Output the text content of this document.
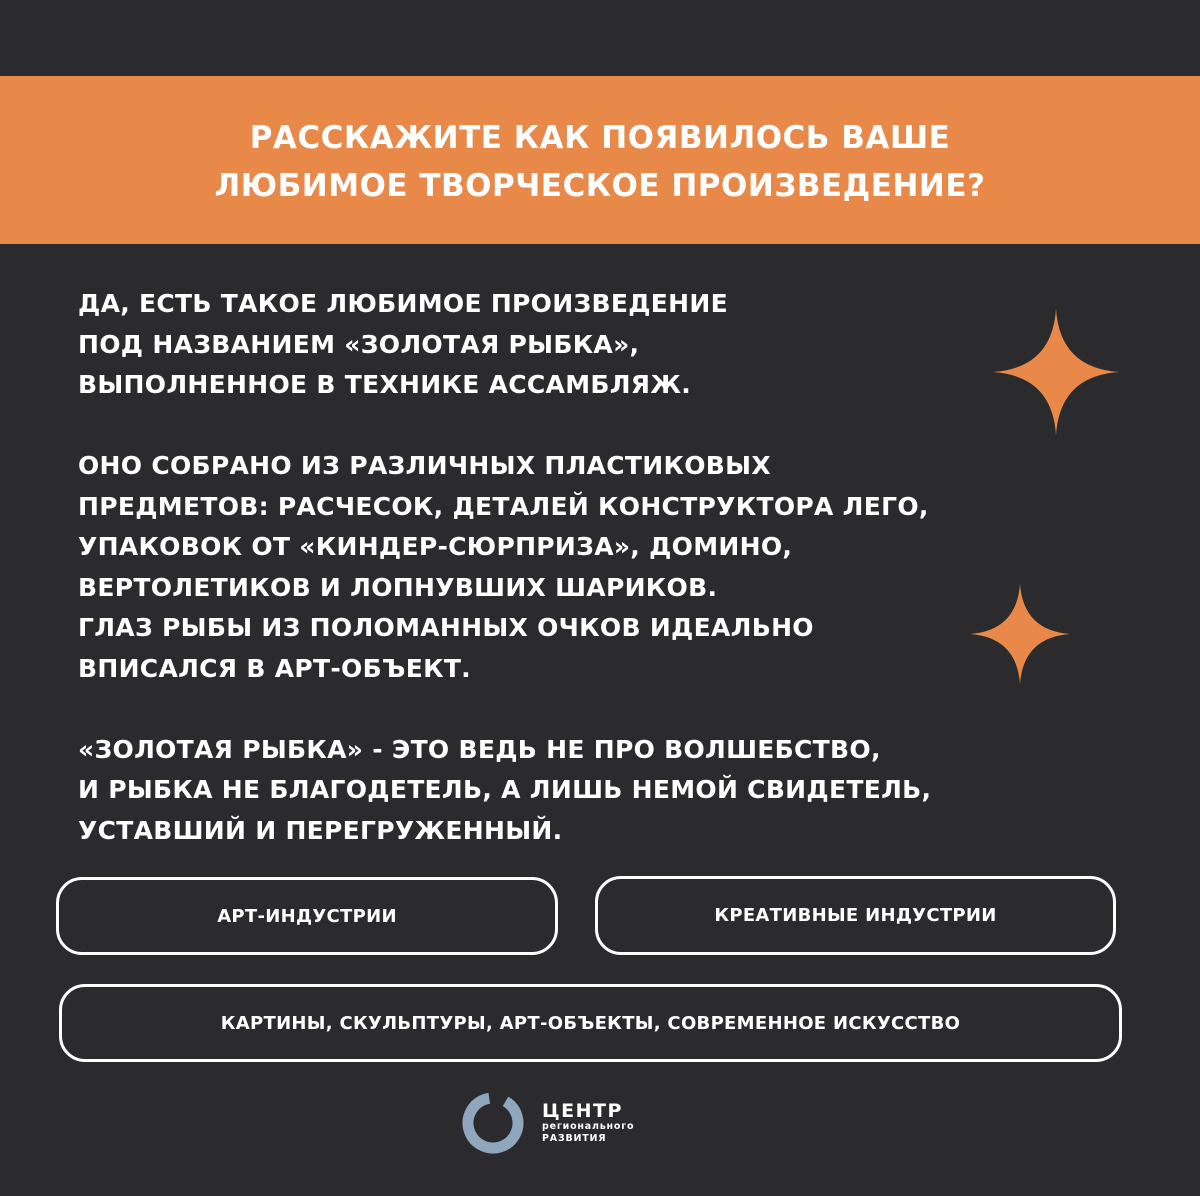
РАССКАЖИТЕ КАК ПОЯВИЛОСЬ ВАШЕ
ЛЮБИМОЕ ТВОРЧЕСКОЕ ПРОИЗВЕДЕНИЕ?

ДА, ЕСТЬ ТАКОЕ ЛЮБИМОЕ ПРОИЗВЕДЕНИЕ
ПОД НАЗВАНИЕМ «ЗОЛОТАЯ РЫБКА»,
ВЫПОЛНЕННОЕ В ТЕХНИКЕ АССАМБЛЯЖ.

ОНО СОБРАНО ИЗ РАЗЛИЧНЫХ ПЛАСТИКОВЫХ
ПРЕДМЕТОВ: РАСЧЕСОК, ДЕТАЛЕЙ КОНСТРУКТОРА ЛЕГО,
УПАКОВОК ОТ «КИНДЕР-СЮРПРИЗА», ДОМИНО,
ВЕРТОЛЕТИКОВ И ЛОПНУВШИХ ШАРИКОВ.
ГЛАЗ РЫБЫ ИЗ ПОЛОМАННЫХ ОЧКОВ ИДЕАЛЬНО
ВПИСАЛСЯ В АРТ-ОБЪЕКТ.

«ЗОЛОТАЯ РЫБКА» - ЭТО ВЕДЬ НЕ ПРО ВОЛШЕБСТВО,
И РЫБКА НЕ БЛАГОДЕТЕЛЬ, А ЛИШЬ НЕМОЙ СВИДЕТЕЛЬ,
УСТАВШИЙ И ПЕРЕГРУЖЕННЫЙ.

АРТ-ИНДУСТРИИ	КРЕАТИВНЫЕ ИНДУСТРИИ
КАРТИНЫ, СКУЛЬПТУРЫ, АРТ-ОБЪЕКТЫ, СОВРЕМЕННОЕ ИСКУССТВО
ЦЕНТР
регионального
РАЗВИТИЯ
